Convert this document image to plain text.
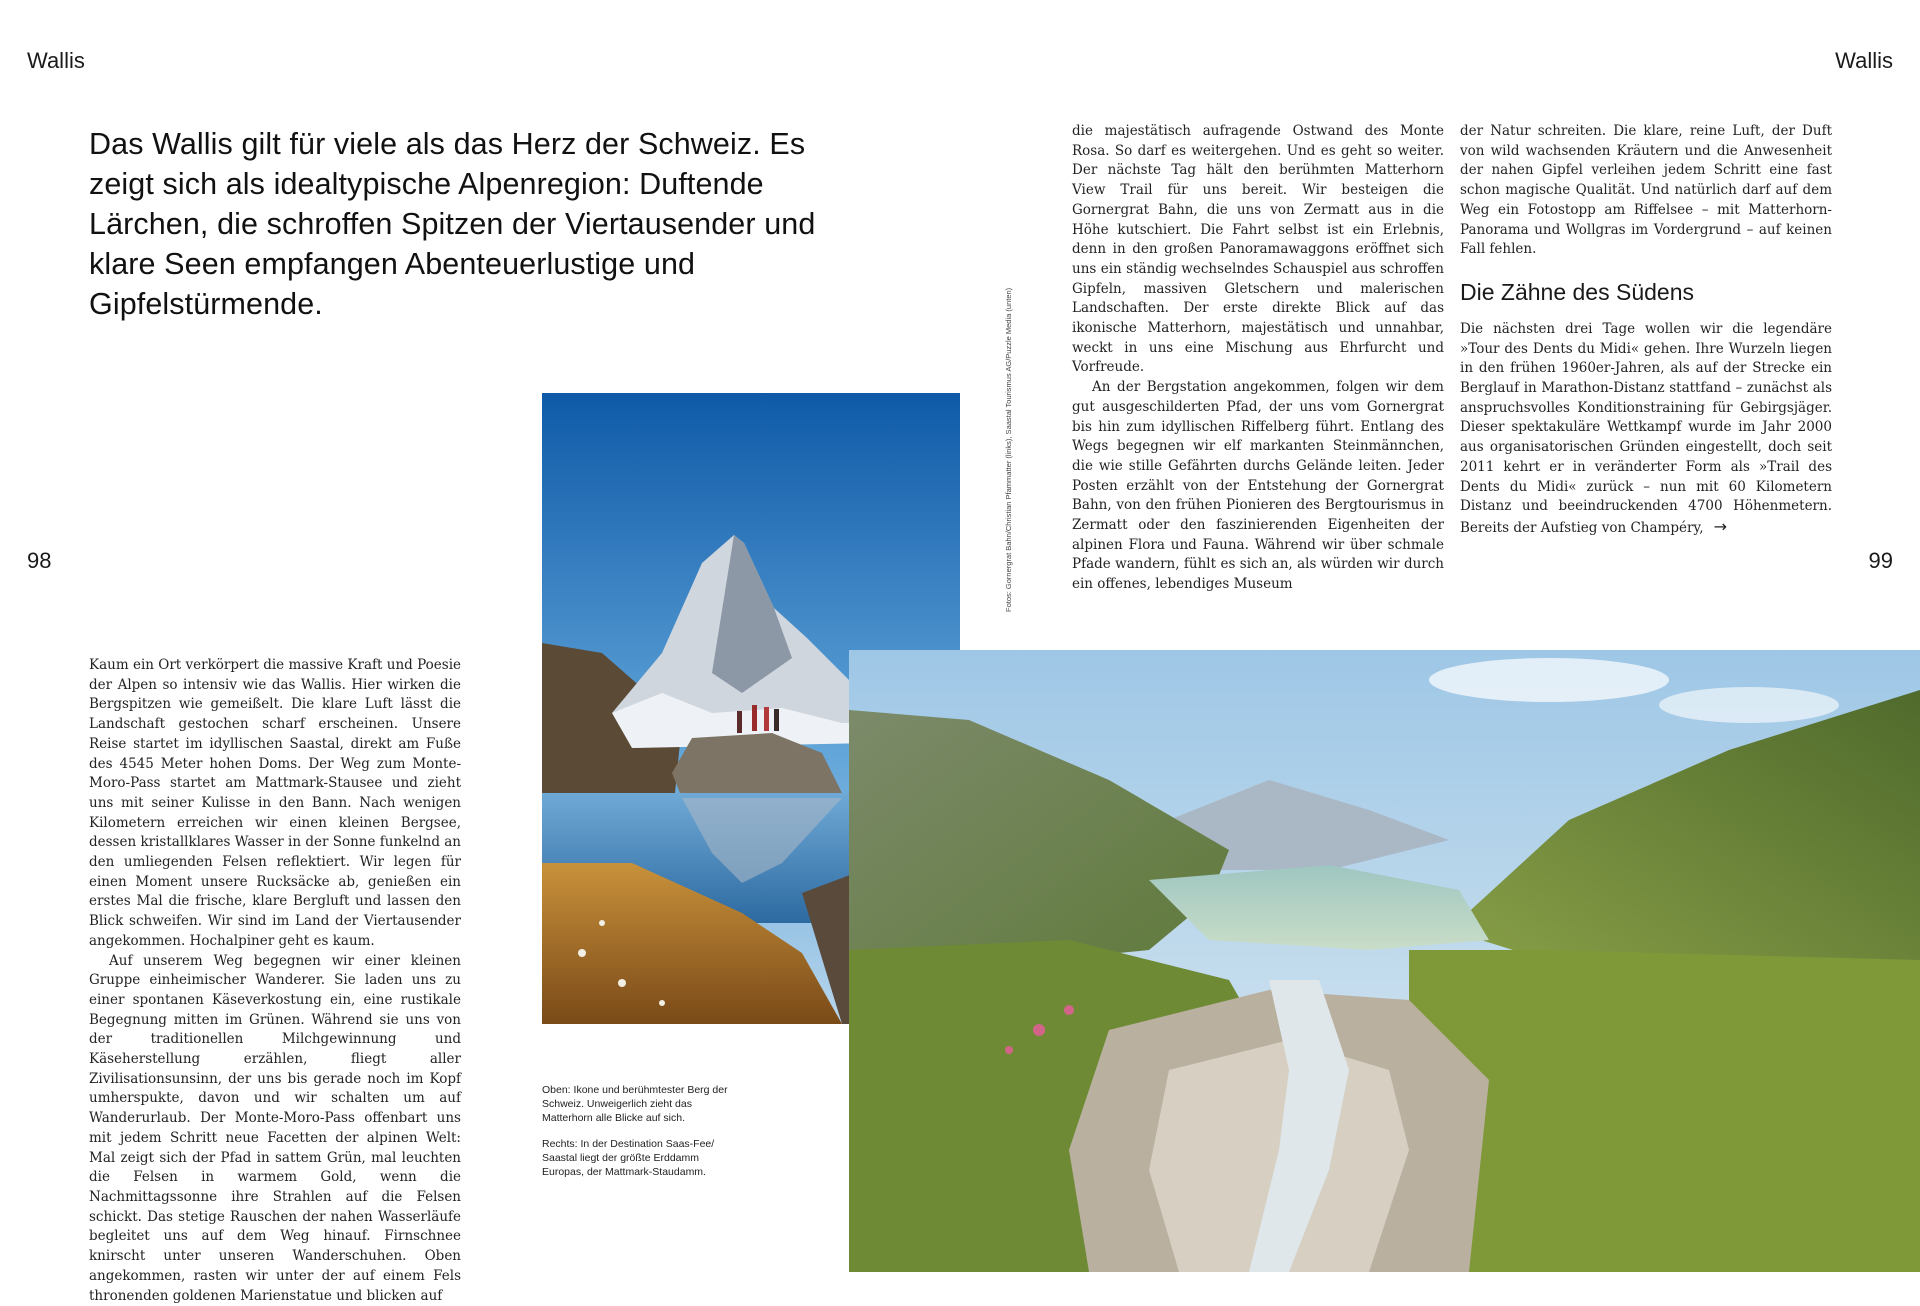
Wallis	Wallis
98	99
Das Wallis gilt für viele als das Herz der Schweiz. Es zeigt sich als idealtypische Alpenregion: Duftende Lärchen, die schroffen Spitzen der Viertausender und klare Seen empfangen Abenteuerlustige und Gipfelstürmende.

Kaum ein Ort verkörpert die massive Kraft und Poesie der Alpen so intensiv wie das Wallis. Hier wirken die Bergspitzen wie gemeißelt. Die klare Luft lässt die Landschaft gestochen scharf erscheinen. Unsere Reise startet im idyllischen Saastal, direkt am Fuße des 4545 Meter hohen Doms. Der Weg zum Monte-Moro-Pass startet am Mattmark-Stausee und zieht uns mit seiner Kulisse in den Bann. Nach wenigen Kilometern erreichen wir einen kleinen Bergsee, dessen kristallklares Wasser in der Sonne funkelnd an den umliegenden Felsen reflektiert. Wir legen für einen Moment unsere Rucksäcke ab, genießen ein erstes Mal die frische, klare Bergluft und lassen den Blick schweifen. Wir sind im Land der Viertausender angekommen. Hochalpiner geht es kaum.

Auf unserem Weg begegnen wir einer kleinen Gruppe einheimischer Wanderer. Sie laden uns zu einer spontanen Käseverkostung ein, eine rustikale Begegnung mitten im Grünen. Während sie uns von der traditionellen Milchgewinnung und Käseherstellung erzählen, fliegt aller Zivilisationsunsinn, der uns bis gerade noch im Kopf umherspukte, davon und wir schalten um auf Wanderurlaub. Der Monte-Moro-Pass offenbart uns mit jedem Schritt neue Facetten der alpinen Welt: Mal zeigt sich der Pfad in sattem Grün, mal leuchten die Felsen in warmem Gold, wenn die Nachmittagssonne ihre Strahlen auf die Felsen schickt. Das stetige Rauschen der nahen Wasserläufe begleitet uns auf dem Weg hinauf. Firnschnee knirscht unter unseren Wanderschuhen. Oben angekommen, rasten wir unter der auf einem Fels thronenden goldenen Marienstatue und blicken auf

Oben: Ikone und berühmtester Berg der Schweiz. Unweigerlich zieht das Matterhorn alle Blicke auf sich.

Rechts: In der Destination Saas-Fee/ Saastal liegt der größte Erddamm Europas, der Mattmark-Staudamm.

Fotos: Gornergrat Bahn/Christian Pfammatter (links), Saastal Tourismus AG/Puzzle Media (unten)

die majestätisch aufragende Ostwand des Monte Rosa. So darf es weitergehen. Und es geht so weiter. Der nächste Tag hält den berühmten Matterhorn View Trail für uns bereit. Wir besteigen die Gornergrat Bahn, die uns von Zermatt aus in die Höhe kutschiert. Die Fahrt selbst ist ein Erlebnis, denn in den großen Panoramawaggons eröffnet sich uns ein ständig wechselndes Schauspiel aus schroffen Gipfeln, massiven Gletschern und malerischen Landschaften. Der erste direkte Blick auf das ikonische Matterhorn, majestätisch und unnahbar, weckt in uns eine Mischung aus Ehrfurcht und Vorfreude.

An der Bergstation angekommen, folgen wir dem gut ausgeschilderten Pfad, der uns vom Gornergrat bis hin zum idyllischen Riffelberg führt. Entlang des Wegs begegnen wir elf markanten Steinmännchen, die wie stille Gefährten durchs Gelände leiten. Jeder Posten erzählt von der Entstehung der Gornergrat Bahn, von den frühen Pionieren des Bergtourismus in Zermatt oder den faszinierenden Eigenheiten der alpinen Flora und Fauna. Während wir über schmale Pfade wandern, fühlt es sich an, als würden wir durch ein offenes, lebendiges Museum

der Natur schreiten. Die klare, reine Luft, der Duft von wild wachsenden Kräutern und die Anwesenheit der nahen Gipfel verleihen jedem Schritt eine fast schon magische Qualität. Und natürlich darf auf dem Weg ein Fotostopp am Riffelsee – mit Matterhorn-Panorama und Wollgras im Vordergrund – auf keinen Fall fehlen.

Die Zähne des Südens

Die nächsten drei Tage wollen wir die legendäre »Tour des Dents du Midi« gehen. Ihre Wurzeln liegen in den frühen 1960er-Jahren, als auf der Strecke ein Berglauf in Marathon-Distanz stattfand – zunächst als anspruchsvolles Konditionstraining für Gebirgsjäger. Dieser spektakuläre Wettkampf wurde im Jahr 2000 aus organisatorischen Gründen eingestellt, doch seit 2011 kehrt er in veränderter Form als »Trail des Dents du Midi« zurück – nun mit 60 Kilometern Distanz und beeindruckenden 4700 Höhenmetern. Bereits der Aufstieg von Champéry, →
